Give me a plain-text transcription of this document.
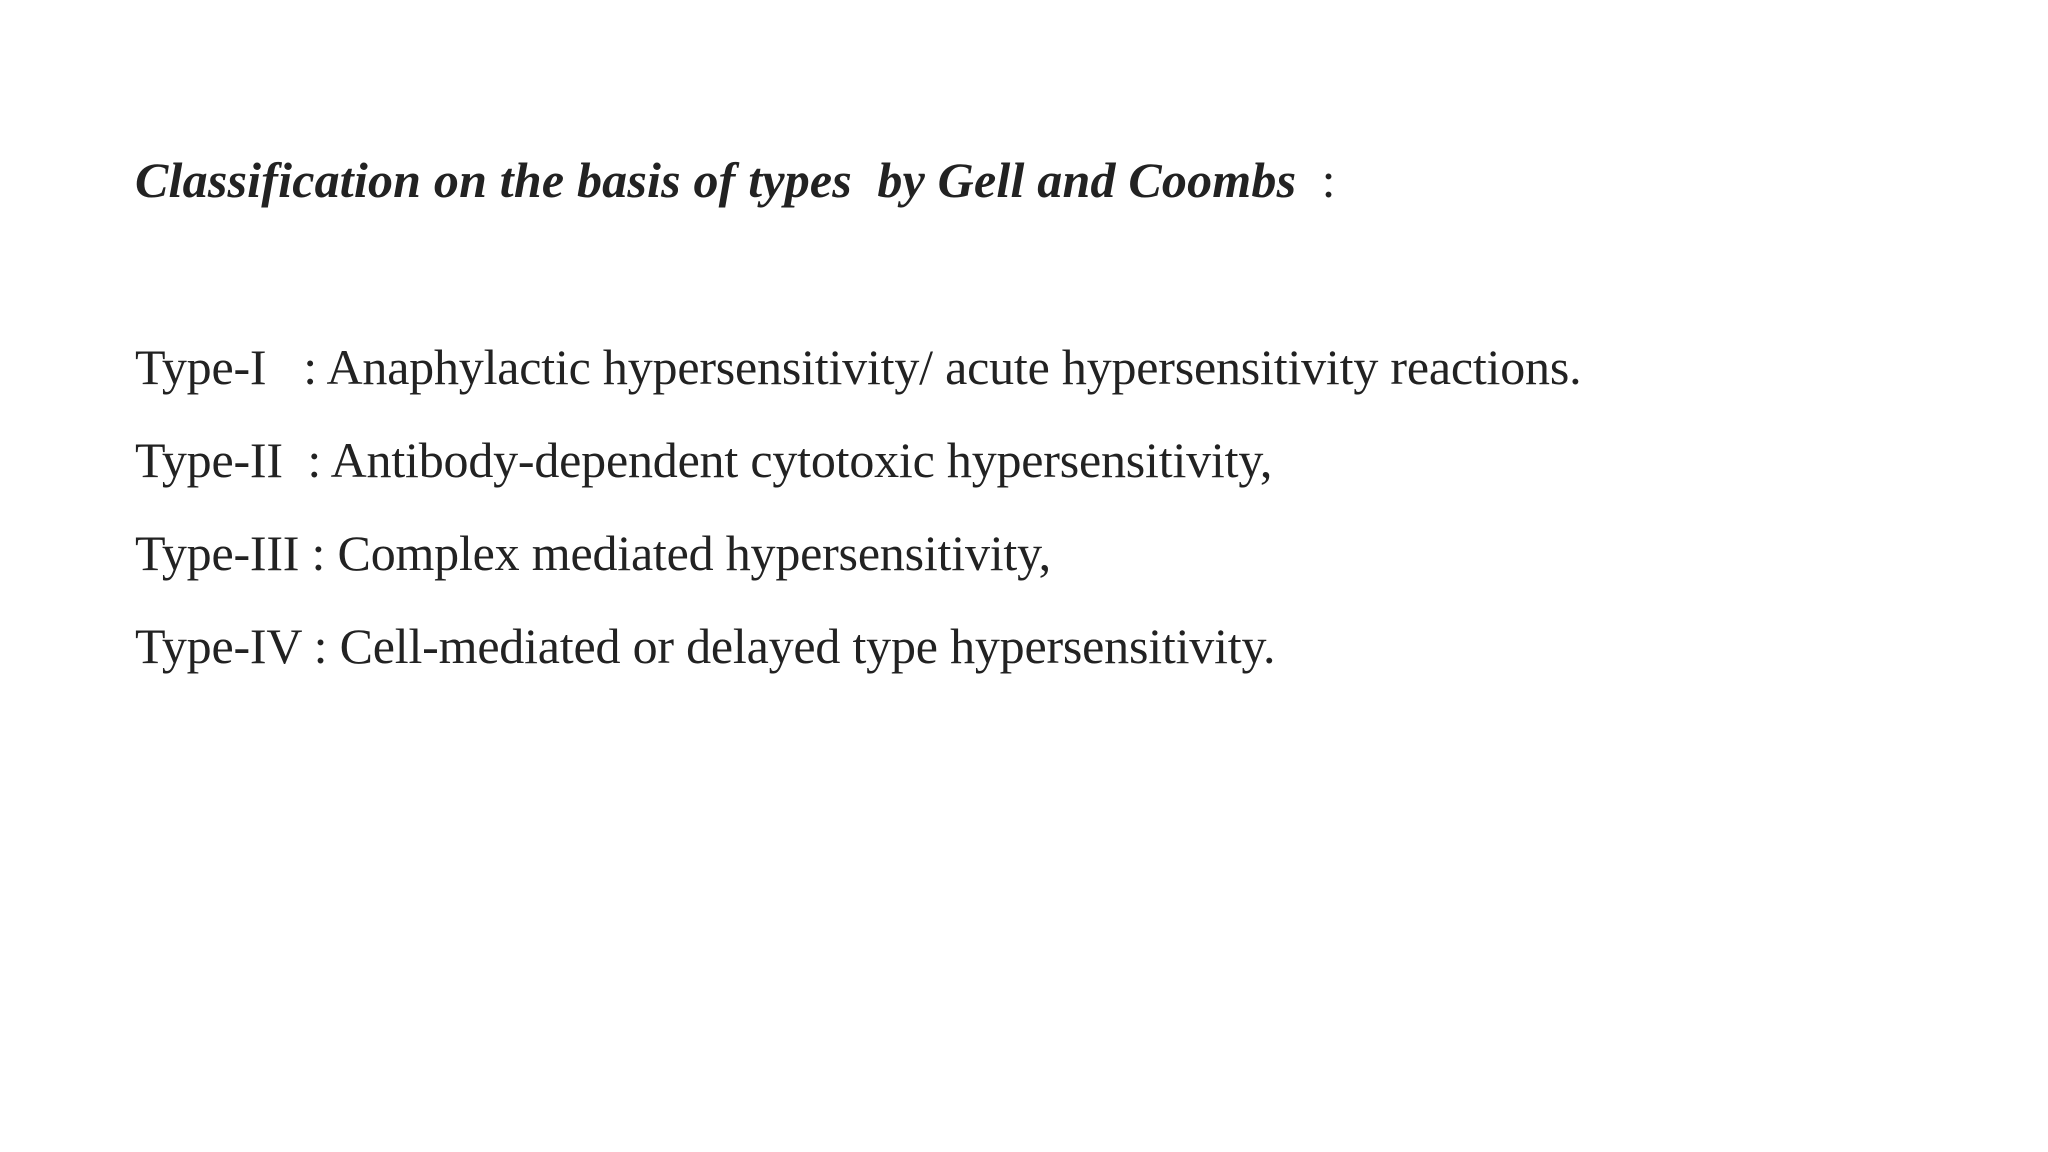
Classification on the basis of types  by Gell and Coombs  :
Type-I   : Anaphylactic hypersensitivity/ acute hypersensitivity reactions.
Type-II  : Antibody-dependent cytotoxic hypersensitivity,
Type-III : Complex mediated hypersensitivity,
Type-IV : Cell-mediated or delayed type hypersensitivity.
